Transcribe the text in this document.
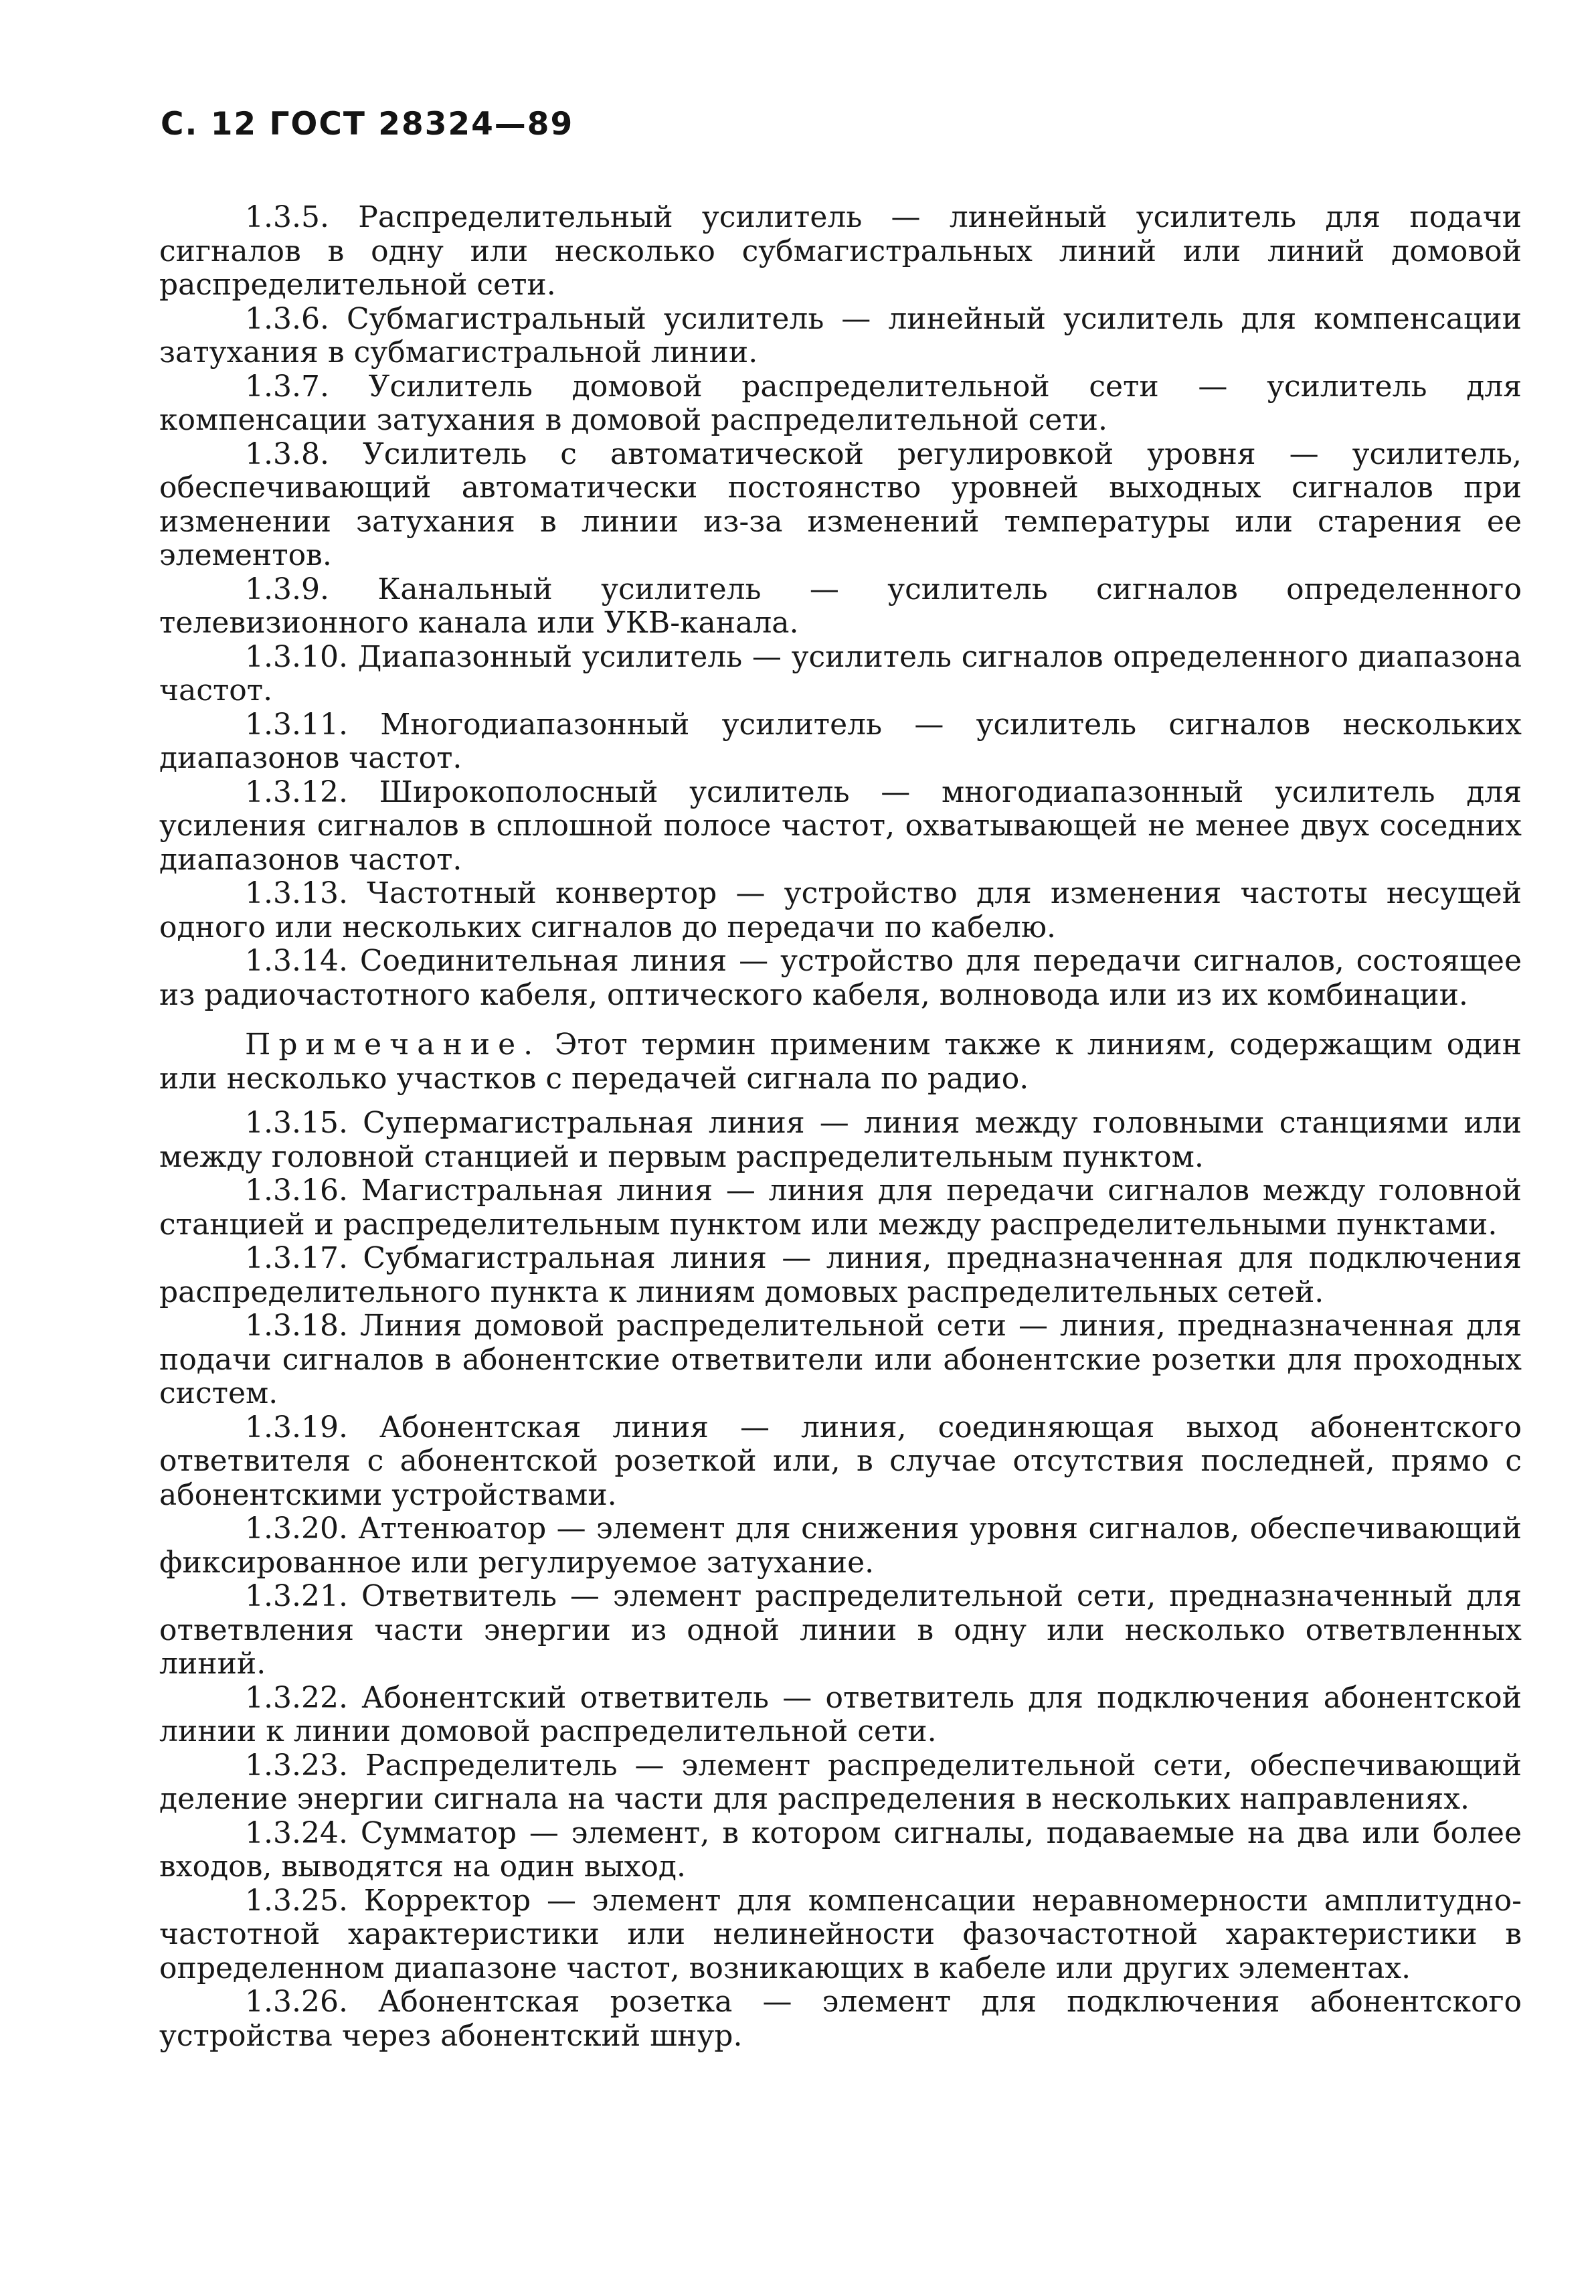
С. 12 ГОСТ 28324—89

1.3.5. Распределительный усилитель — линейный усилитель для подачи сигналов в одну или несколько субмагистральных линий или линий домовой распределительной сети.

1.3.6. Субмагистральный усилитель — линейный усилитель для компенсации затухания в субмагистральной линии.

1.3.7. Усилитель домовой распределительной сети — усилитель для компенсации затухания в домовой распределительной сети.

1.3.8. Усилитель с автоматической регулировкой уровня — усилитель, обеспечивающий автоматически постоянство уровней выходных сигналов при изменении затухания в линии из-за изменений температуры или старения ее элементов.

1.3.9. Канальный усилитель — усилитель сигналов определенного телевизионного канала или УКВ-канала.

1.3.10. Диапазонный усилитель — усилитель сигналов определенного диапазона частот.

1.3.11. Многодиапазонный усилитель — усилитель сигналов нескольких диапазонов частот.

1.3.12. Широкополосный усилитель — многодиапазонный усилитель для усиления сигналов в сплошной полосе частот, охватывающей не менее двух соседних диапазонов частот.

1.3.13. Частотный конвертор — устройство для изменения частоты несущей одного или нескольких сигналов до передачи по кабелю.

1.3.14. Соединительная линия — устройство для передачи сигналов, состоящее из радиочастотного кабеля, оптического кабеля, волновода или из их комбинации.

Примечание. Этот термин применим также к линиям, содержащим один или несколько участков с передачей сигнала по радио.

1.3.15. Супермагистральная линия — линия между головными станциями или между головной станцией и первым распределительным пунктом.

1.3.16. Магистральная линия — линия для передачи сигналов между головной станцией и распределительным пунктом или между распределительными пунктами.

1.3.17. Субмагистральная линия — линия, предназначенная для подключения распределительного пункта к линиям домовых распределительных сетей.

1.3.18. Линия домовой распределительной сети — линия, предназначенная для подачи сигналов в абонентские ответвители или абонентские розетки для проходных систем.

1.3.19. Абонентская линия — линия, соединяющая выход абонентского ответвителя с абонентской розеткой или, в случае отсутствия последней, прямо с абонентскими устройствами.

1.3.20. Аттенюатор — элемент для снижения уровня сигналов, обеспечивающий фиксированное или регулируемое затухание.

1.3.21. Ответвитель — элемент распределительной сети, предназначенный для ответвления части энергии из одной линии в одну или несколько ответвленных линий.

1.3.22. Абонентский ответвитель — ответвитель для подключения абонентской линии к линии домовой распределительной сети.

1.3.23. Распределитель — элемент распределительной сети, обеспечивающий деление энергии сигнала на части для распределения в нескольких направлениях.

1.3.24. Сумматор — элемент, в котором сигналы, подаваемые на два или более входов, выводятся на один выход.

1.3.25. Корректор — элемент для компенсации неравномерности амплитудно-частотной характеристики или нелинейности фазочастотной характеристики в определенном диапазоне частот, возникающих в кабеле или других элементах.

1.3.26. Абонентская розетка — элемент для подключения абонентского устройства через абонентский шнур.
